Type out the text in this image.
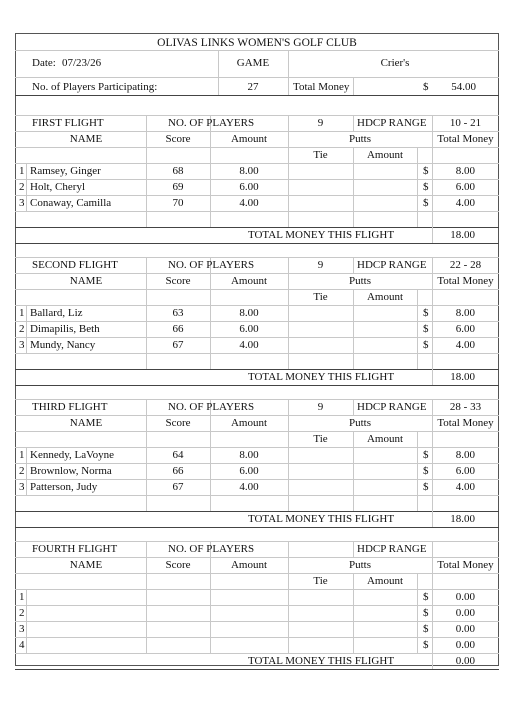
OLIVAS LINKS WOMEN'S GOLF CLUB
Date: 07/23/26	GAME	Crier's
No. of Players Participating:	27	Total Money	$	54.00
FIRST FLIGHT	NO. OF PLAYERS	9	HDCP RANGE	10 - 21
NAME	Score	Amount	Putts	Total Money
Tie	Amount
1 Ramsey, Ginger	68	8.00	$	8.00
2 Holt, Cheryl	69	6.00	$	6.00
3 Conaway, Camilla	70	4.00	$	4.00
TOTAL MONEY THIS FLIGHT	18.00
SECOND FLIGHT	NO. OF PLAYERS	9	HDCP RANGE	22 - 28
NAME	Score	Amount	Putts	Total Money
Tie	Amount
1 Ballard, Liz	63	8.00	$	8.00
2 Dimapilis, Beth	66	6.00	$	6.00
3 Mundy, Nancy	67	4.00	$	4.00
TOTAL MONEY THIS FLIGHT	18.00
THIRD FLIGHT	NO. OF PLAYERS	9	HDCP RANGE	28 - 33
NAME	Score	Amount	Putts	Total Money
Tie	Amount
1 Kennedy, LaVoyne	64	8.00	$	8.00
2 Brownlow, Norma	66	6.00	$	6.00
3 Patterson, Judy	67	4.00	$	4.00
TOTAL MONEY THIS FLIGHT	18.00
FOURTH FLIGHT	NO. OF PLAYERS	HDCP RANGE
NAME	Score	Amount	Putts	Total Money
Tie	Amount
1	$	0.00
2	$	0.00
3	$	0.00
4	$	0.00
TOTAL MONEY THIS FLIGHT	0.00
